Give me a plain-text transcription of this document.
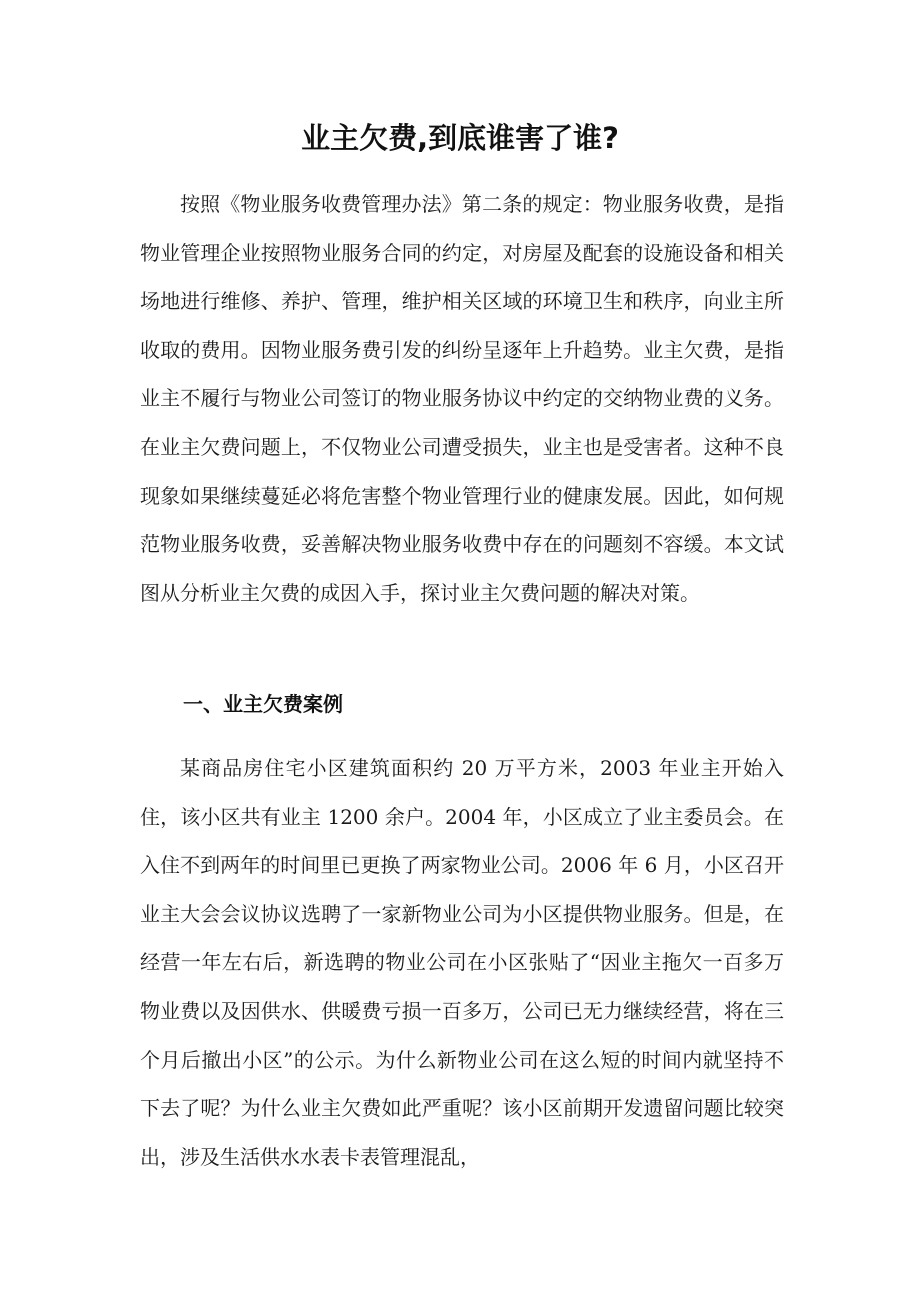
业主欠费,到底谁害了谁?

按照《物业服务收费管理办法》第二条的规定：物业服务收费，是指物业管理企业按照物业服务合同的约定，对房屋及配套的设施设备和相关场地进行维修、养护、管理，维护相关区域的环境卫生和秩序，向业主所收取的费用。因物业服务费引发的纠纷呈逐年上升趋势。业主欠费，是指业主不履行与物业公司签订的物业服务协议中约定的交纳物业费的义务。在业主欠费问题上，不仅物业公司遭受损失，业主也是受害者。这种不良现象如果继续蔓延必将危害整个物业管理行业的健康发展。因此，如何规范物业服务收费，妥善解决物业服务收费中存在的问题刻不容缓。本文试图从分析业主欠费的成因入手，探讨业主欠费问题的解决对策。

一、业主欠费案例

某商品房住宅小区建筑面积约 20 万平方米，2003 年业主开始入住，该小区共有业主 1200 余户。2004 年，小区成立了业主委员会。在入住不到两年的时间里已更换了两家物业公司。2006 年 6 月，小区召开业主大会会议协议选聘了一家新物业公司为小区提供物业服务。但是，在经营一年左右后，新选聘的物业公司在小区张贴了“因业主拖欠一百多万物业费以及因供水、供暖费亏损一百多万，公司已无力继续经营，将在三个月后撤出小区”的公示。为什么新物业公司在这么短的时间内就坚持不下去了呢？为什么业主欠费如此严重呢？该小区前期开发遗留问题比较突出，涉及生活供水水表卡表管理混乱，
